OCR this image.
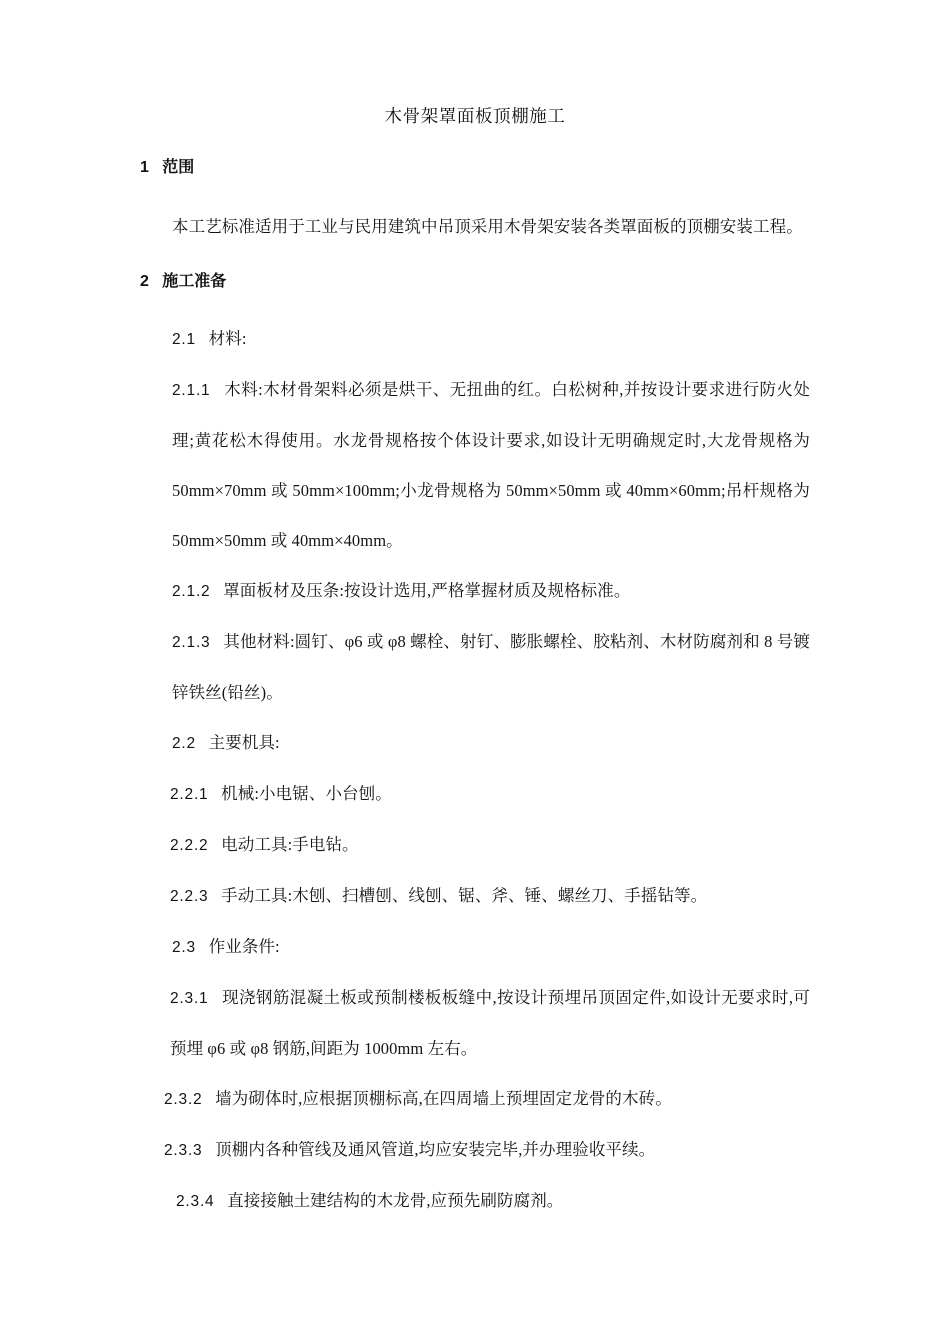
木骨架罩面板顶棚施工
1 范围
本工艺标准适用于工业与民用建筑中吊顶采用木骨架安装各类罩面板的顶棚安装工程。
2 施工准备
2.1 材料:
2.1.1 木料:木材骨架料必须是烘干、无扭曲的红。白松树种,并按设计要求进行防火处理;黄花松木得使用。水龙骨规格按个体设计要求,如设计无明确规定时,大龙骨规格为 50mm×70mm 或 50mm×100mm;小龙骨规格为 50mm×50mm 或 40mm×60mm;吊杆规格为 50mm×50mm 或 40mm×40mm。
2.1.2 罩面板材及压条:按设计选用,严格掌握材质及规格标准。
2.1.3 其他材料:圆钉、φ6 或 φ8 螺栓、射钉、膨胀螺栓、胶粘剂、木材防腐剂和 8 号镀锌铁丝(铅丝)。
2.2 主要机具:
2.2.1 机械:小电锯、小台刨。
2.2.2 电动工具:手电钻。
2.2.3 手动工具:木刨、扫槽刨、线刨、锯、斧、锤、螺丝刀、手摇钻等。
2.3 作业条件:
2.3.1 现浇钢筋混凝土板或预制楼板板缝中,按设计预埋吊顶固定件,如设计无要求时,可预埋 φ6 或 φ8 钢筋,间距为 1000mm 左右。
2.3.2 墙为砌体时,应根据顶棚标高,在四周墙上预埋固定龙骨的木砖。
2.3.3 顶棚内各种管线及通风管道,均应安装完毕,并办理验收平续。
2.3.4 直接接触土建结构的木龙骨,应预先刷防腐剂。
